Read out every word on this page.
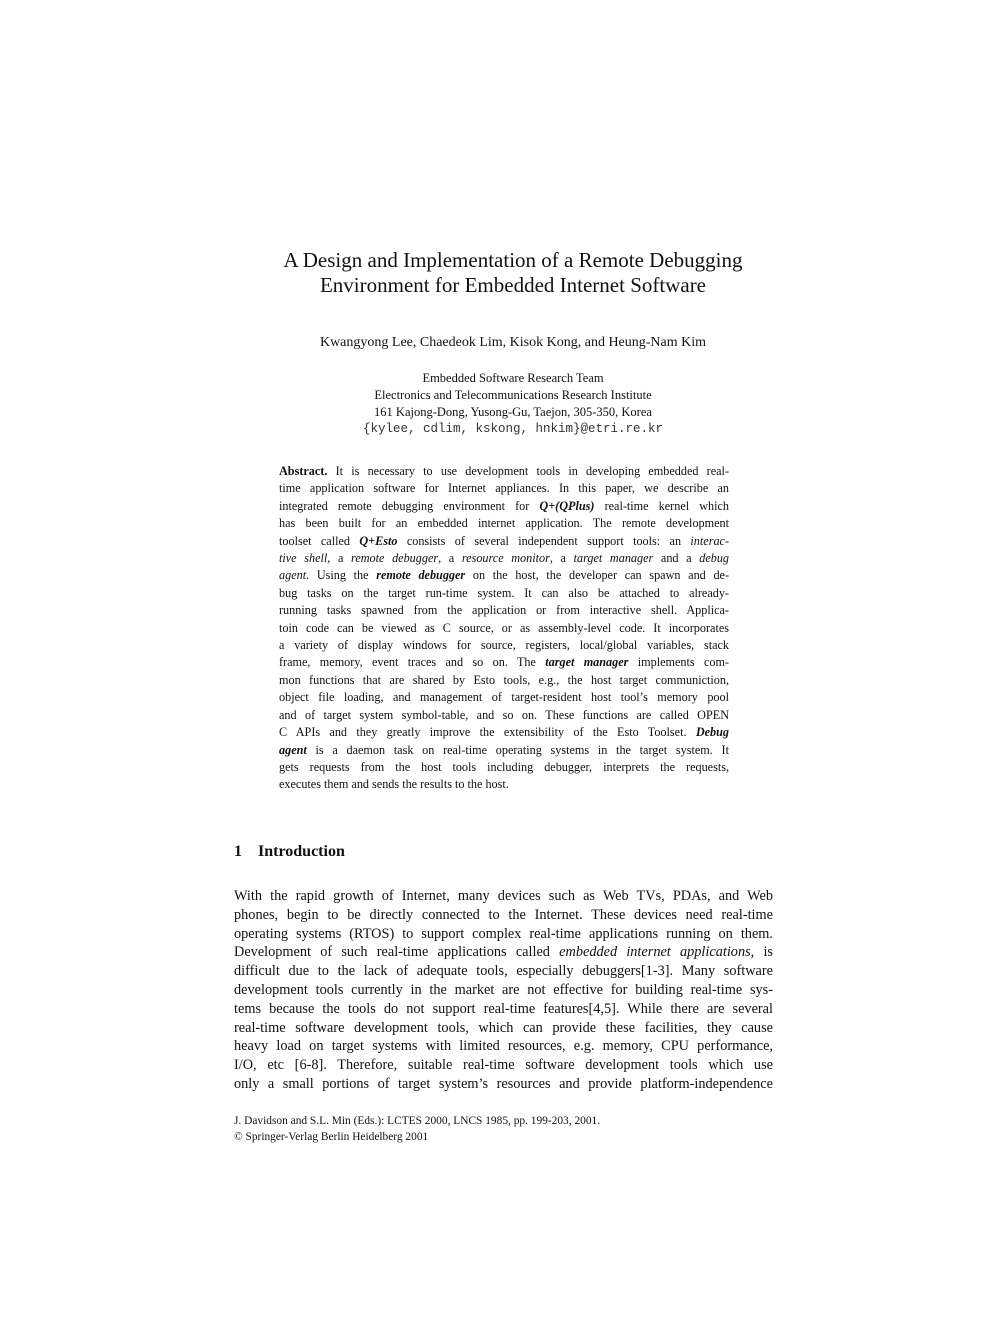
A Design and Implementation of a Remote Debugging
Environment for Embedded Internet Software
Kwangyong Lee, Chaedeok Lim, Kisok Kong, and Heung-Nam Kim
Embedded Software Research Team
Electronics and Telecommunications Research Institute
161 Kajong-Dong, Yusong-Gu, Taejon, 305-350, Korea
{kylee, cdlim, kskong, hnkim}@etri.re.kr
Abstract. It is necessary to use development tools in developing embedded real-
time application software for Internet appliances. In this paper, we describe an
integrated remote debugging environment for Q+(QPlus) real-time kernel which
has been built for an embedded internet application. The remote development
toolset called Q+Esto consists of several independent support tools: an interac-
tive shell, a remote debugger, a resource monitor, a target manager and a debug
agent. Using the remote debugger on the host, the developer can spawn and de-
bug tasks on the target run-time system. It can also be attached to already-
running tasks spawned from the application or from interactive shell. Applica-
toin code can be viewed as C source, or as assembly-level code. It incorporates
a variety of display windows for source, registers, local/global variables, stack
frame, memory, event traces and so on. The target manager implements com-
mon functions that are shared by Esto tools, e.g., the host target communiction,
object file loading, and management of target-resident host tool’s memory pool
and of target system symbol-table, and so on. These functions are called OPEN
C APIs and they greatly improve the extensibility of the Esto Toolset. Debug
agent is a daemon task on real-time operating systems in the target system. It
gets requests from the host tools including debugger, interprets the requests,
executes them and sends the results to the host.
1 Introduction
With the rapid growth of Internet, many devices such as Web TVs, PDAs, and Web
phones, begin to be directly connected to the Internet. These devices need real-time
operating systems (RTOS) to support complex real-time applications running on them.
Development of such real-time applications called embedded internet applications, is
difficult due to the lack of adequate tools, especially debuggers[1-3]. Many software
development tools currently in the market are not effective for building real-time sys-
tems because the tools do not support real-time features[4,5]. While there are several
real-time software development tools, which can provide these facilities, they cause
heavy load on target systems with limited resources, e.g. memory, CPU performance,
I/O, etc [6-8]. Therefore, suitable real-time software development tools which use
only a small portions of target system’s resources and provide platform-independence
J. Davidson and S.L. Min (Eds.): LCTES 2000, LNCS 1985, pp. 199-203, 2001.
© Springer-Verlag Berlin Heidelberg 2001
